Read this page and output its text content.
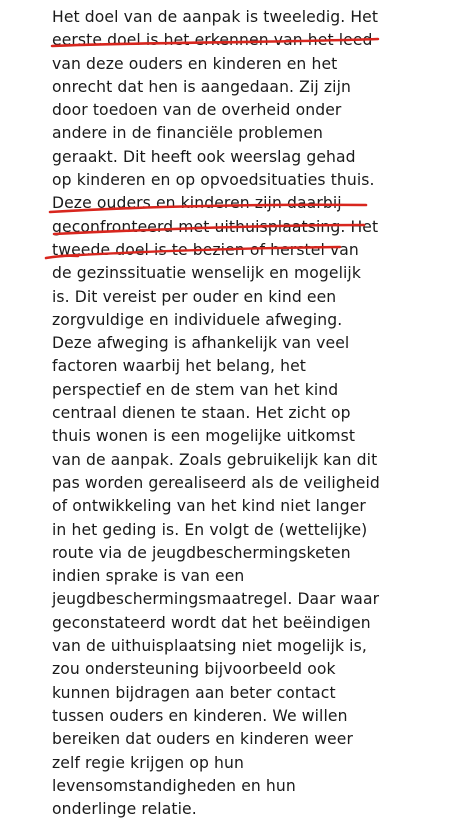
Het doel van de aanpak is tweeledig. Het
eerste doel is het erkennen van het leed
van deze ouders en kinderen en het
onrecht dat hen is aangedaan. Zij zijn
door toedoen van de overheid onder
andere in de financiële problemen
geraakt. Dit heeft ook weerslag gehad
op kinderen en op opvoedsituaties thuis.
Deze ouders en kinderen zijn daarbij
geconfronteerd met uithuisplaatsing. Het
tweede doel is te bezien of herstel van
de gezinssituatie wenselijk en mogelijk
is. Dit vereist per ouder en kind een
zorgvuldige en individuele afweging.
Deze afweging is afhankelijk van veel
factoren waarbij het belang, het
perspectief en de stem van het kind
centraal dienen te staan. Het zicht op
thuis wonen is een mogelijke uitkomst
van de aanpak. Zoals gebruikelijk kan dit
pas worden gerealiseerd als de veiligheid
of ontwikkeling van het kind niet langer
in het geding is. En volgt de (wettelijke)
route via de jeugdbeschermingsketen
indien sprake is van een
jeugdbeschermingsmaatregel. Daar waar
geconstateerd wordt dat het beëindigen
van de uithuisplaatsing niet mogelijk is,
zou ondersteuning bijvoorbeeld ook
kunnen bijdragen aan beter contact
tussen ouders en kinderen. We willen
bereiken dat ouders en kinderen weer
zelf regie krijgen op hun
levensomstandigheden en hun
onderlinge relatie.
